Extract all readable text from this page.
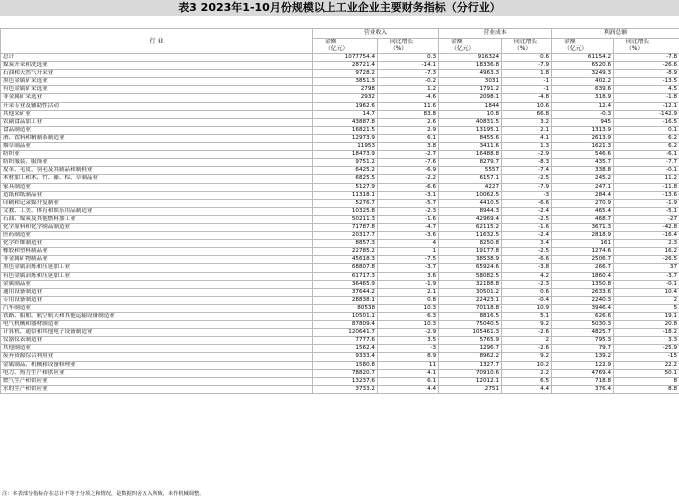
表3 2023年1-10月份规模以上工业企业主要财务指标（分行业）
行 业	营业收入		营业成本		利润总额	
	金额
（亿元）	同比增长
（%）	金额
（亿元）	同比增长
（%）	金额
（亿元）	同比增长
（%）
总计	1077754.4	0.3	916324	0.6	61154.2	-7.8
煤炭开采和洗选业	28721.4	-14.1	18336.8	-7.9	6520.6	-26.6
石油和天然气开采业	9728.2	-7.3	4963.3	1.8	3249.3	-8.9
黑色金属矿采选业	3851.3	-0.2	3031	-1	402.2	-13.5
有色金属矿采选业	2798	1.2	1791.2	-1	639.6	4.5
非金属矿采选业	2932	-4.6	2098.1	-4.8	318.9	-1.8
开采专业及辅助性活动	1962.6	11.6	1844	10.6	12.4	-12.1
其他采矿业	14.7	83.8	10.8	66.8	-0.3	-142.9
农副食品加工业	43887.8	2.6	40831.5	3.2	945	-16.5
食品制造业	16821.5	2.9	13195.1	2.1	1313.9	0.1
酒、饮料和精制茶制造业	12973.9	6.1	8455.6	4.1	2613.9	6.2
烟草制品业	11953	3.8	3411.6	1.3	1621.3	6.2
纺织业	18473.9	-2.7	16488.8	-2.9	546.6	-6.1
纺织服装、服饰业	9751.2	-7.6	8279.7	-8.3	435.7	-7.7
皮革、毛皮、羽毛及其制品和制鞋业	6425.2	-6.9	5557	-7.4	338.8	-0.1
木材加工和木、竹、藤、棕、草制品业	6825.5	-2.2	6157.1	-2.5	245.2	11.2
家具制造业	5127.9	-6.6	4227	-7.9	247.1	-11.8
造纸和纸制品业	11318.1	-3.1	10062.5	-3	284.4	-13.6
印刷和记录媒介复制业	5276.7	-5.7	4410.5	-6.6	270.9	-1.9
文教、工美、体育和娱乐用品制造业	10325.8	-2.3	8944.3	-2.4	465.4	-5.1
石油、煤炭及其他燃料加工业	50211.3	-1.6	42969.4	-2.5	468.7	-27
化学原料和化学制品制造业	71787.8	-4.7	62115.2	-1.6	3671.3	-42.8
医药制造业	20317.7	-3.6	11632.5	-2.4	2818.9	-16.4
化学纤维制造业	8857.3	4	8250.8	3.4	161	2.3
橡胶和塑料制品业	22785.2	1	19177.8	-2.5	1274.6	16.2
非金属矿物制品业	45618.3	-7.5	38538.9	-6.6	2506.7	-26.5
黑色金属冶炼和压延加工业	68807.8	-3.7	65924.6	-3.8	266.7	37
有色金属冶炼和压延加工业	61717.3	3.6	58082.5	4.2	1860.4	-3.7
金属制品业	36465.9	-1.9	32188.8	-2.3	1350.8	-0.1
通用设备制造业	37644.2	2.1	30501.2	0.6	2633.6	10.4
专用设备制造业	28838.1	0.8	22423.1	-0.4	2240.3	2
汽车制造业	80538	10.3	70118.8	10.9	3946.4	5
铁路、船舶、航空航天和其他运输设备制造业	10501.1	6.3	8816.5	5.1	626.6	19.1
电气机械和器材制造业	87809.4	10.3	75040.5	9.2	5030.3	20.8
计算机、通信和其他电子设备制造业	120641.7	-2.9	105461.3	-2.6	4825.7	-18.2
仪器仪表制造业	7777.6	3.5	5765.9	2	795.3	3.3
其他制造业	1562.4	-3	1296.7	-2.6	79.7	-25.9
废弃资源综合利用业	9333.4	8.9	8962.2	9.2	139.2	-15
金属制品、机械和设备修理业	1580.8	11	1327.7	10.2	122.9	22.2
电力、热力生产和供应业	78820.7	4.1	70910.6	2.2	4769.4	50.1
燃气生产和供应业	13237.6	6.1	12012.1	6.5	718.8	8
水的生产和供应业	3733.2	4.4	2751	4.4	376.4	8.8
注：本表部分指标存在总计不等于分项之和情况，是数据四舍五入所致，未作机械调整。
